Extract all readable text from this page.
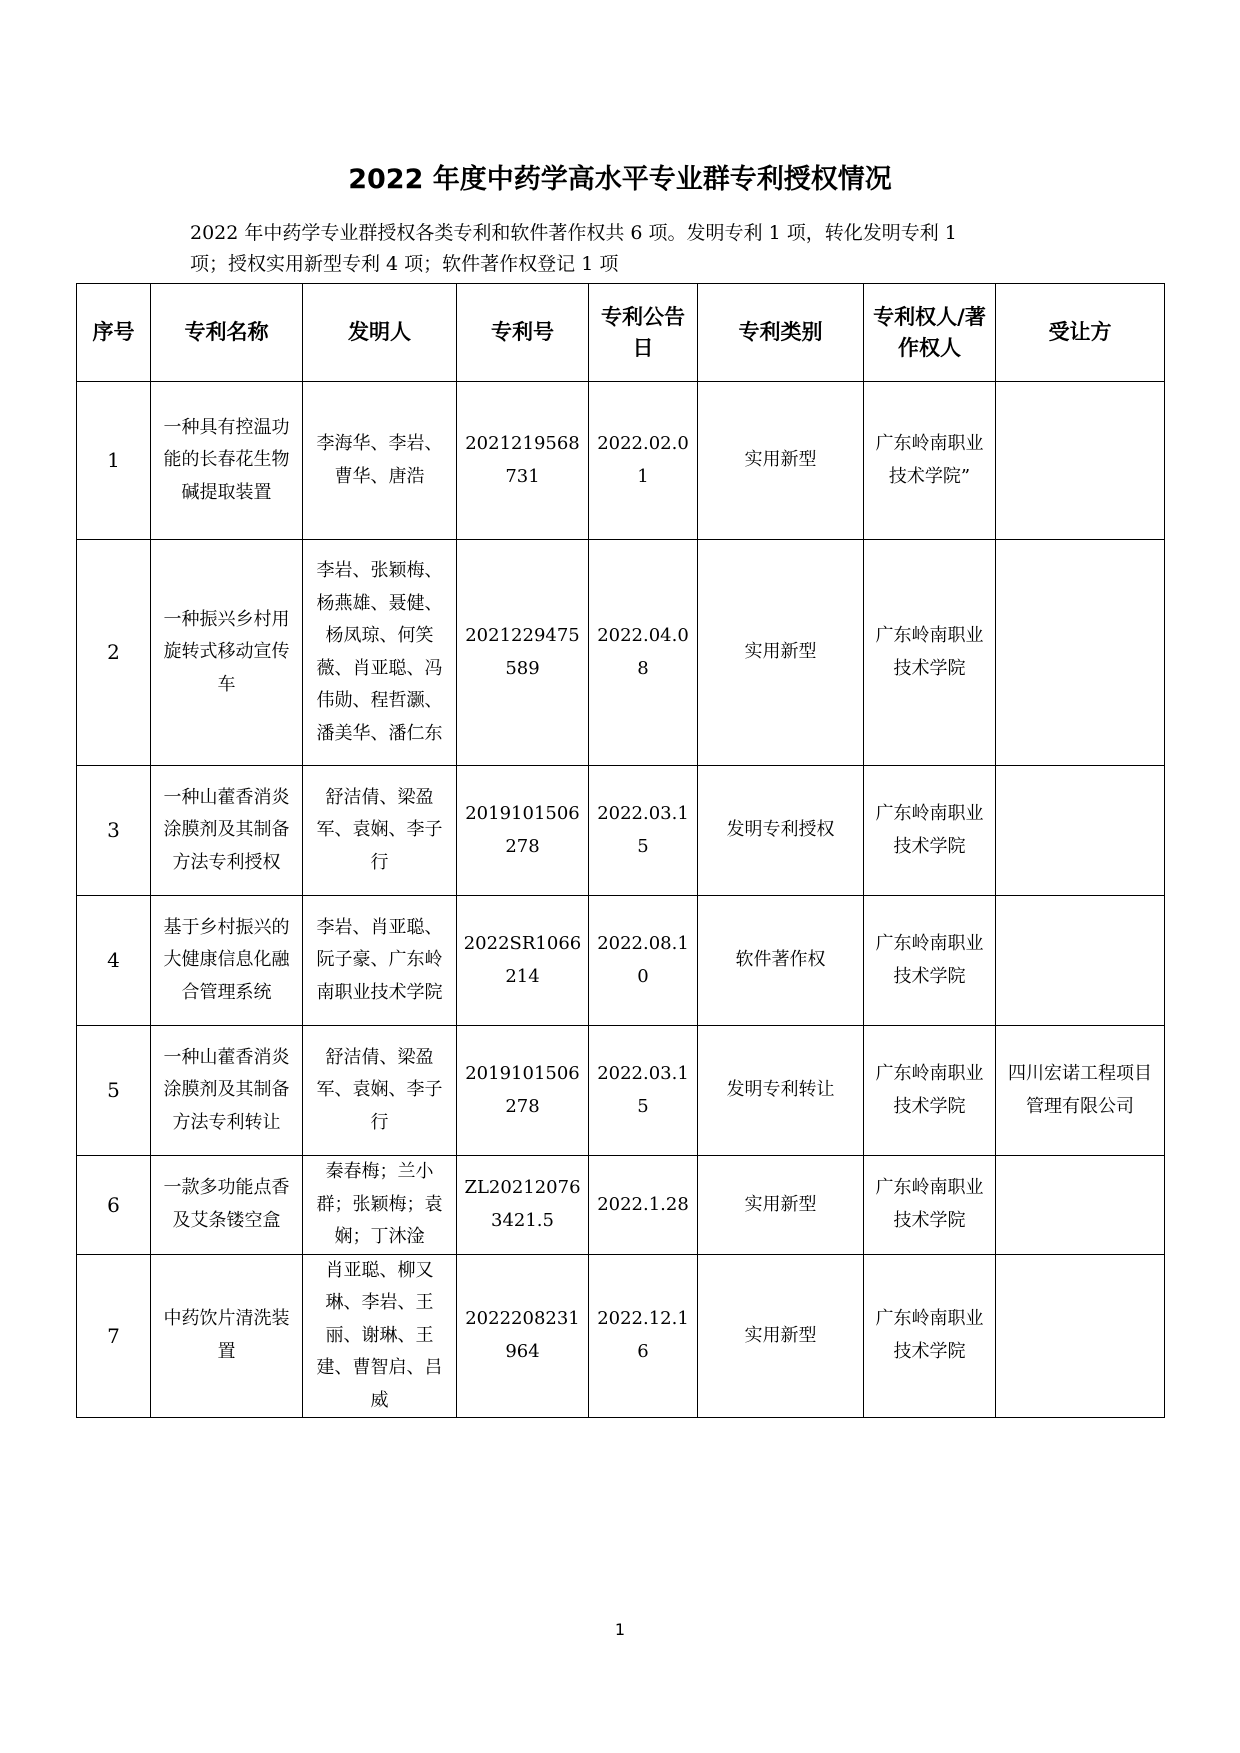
2022 年度中药学高水平专业群专利授权情况
2022 年中药学专业群授权各类专利和软件著作权共 6 项。发明专利 1 项，转化发明专利 1
项；授权实用新型专利 4 项；软件著作权登记 1 项
序号	专利名称	发明人	专利号	专利公告日	专利类别	专利权人/著作权人	受让方
1	一种具有控温功能的长春花生物碱提取装置	李海华、李岩、曹华、唐浩	2021219568731	2022.02.01	实用新型	广东岭南职业技术学院”	
2	一种振兴乡村用旋转式移动宣传车	李岩、张颖梅、杨燕雄、聂健、杨凤琼、何笑薇、肖亚聪、冯伟勋、程哲灏、潘美华、潘仁东	2021229475589	2022.04.08	实用新型	广东岭南职业技术学院	
3	一种山藿香消炎涂膜剂及其制备方法专利授权	舒洁倩、梁盈军、袁娴、李子行	2019101506278	2022.03.15	发明专利授权	广东岭南职业技术学院	
4	基于乡村振兴的大健康信息化融合管理系统	李岩、肖亚聪、阮子豪、广东岭南职业技术学院	2022SR1066214	2022.08.10	软件著作权	广东岭南职业技术学院	
5	一种山藿香消炎涂膜剂及其制备方法专利转让	舒洁倩、梁盈军、袁娴、李子行	2019101506278	2022.03.15	发明专利转让	广东岭南职业技术学院	四川宏诺工程项目管理有限公司
6	一款多功能点香及艾条镂空盒	秦春梅；兰小群；张颖梅；袁娴；丁沐淦	ZL202120763421.5	2022.1.28	实用新型	广东岭南职业技术学院	
7	中药饮片清洗装置	肖亚聪、柳又琳、李岩、王丽、谢琳、王建、曹智启、吕威	2022208231964	2022.12.16	实用新型	广东岭南职业技术学院	
1
